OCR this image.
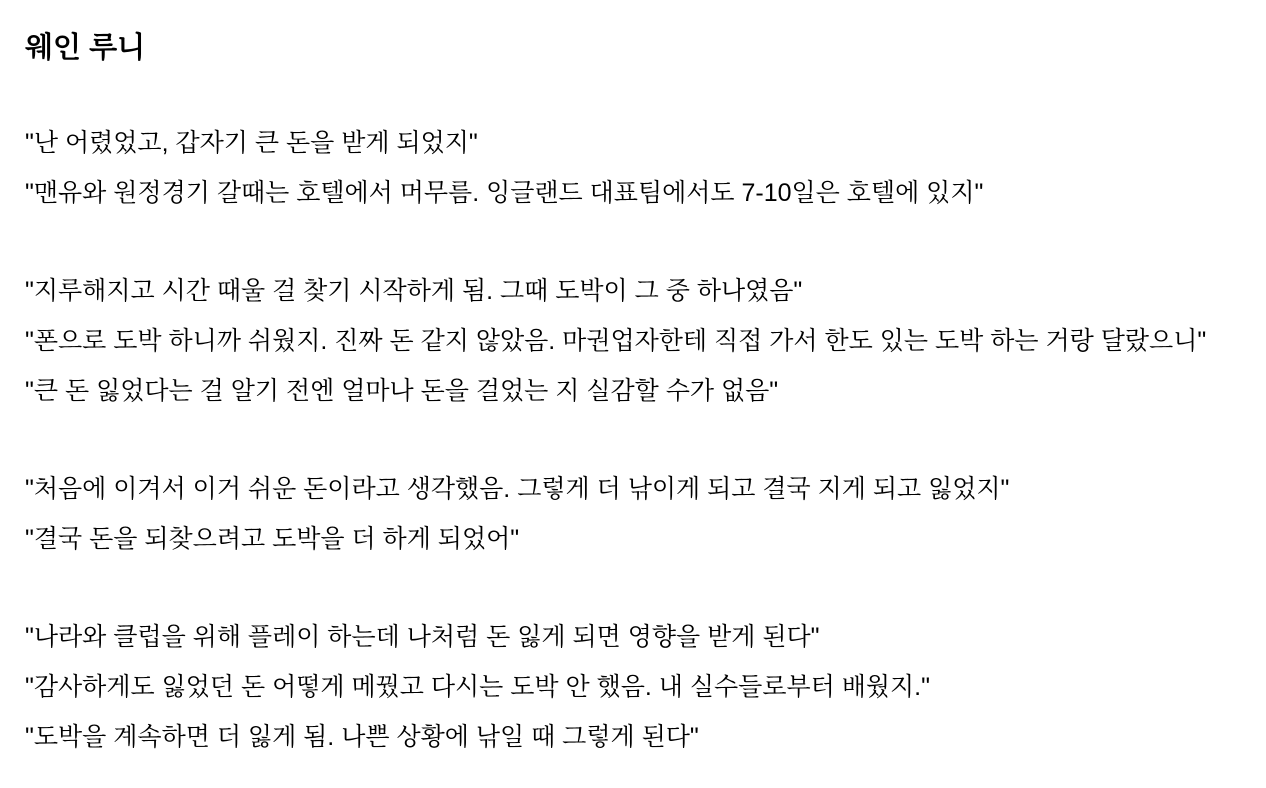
웨인 루니

"난 어렸었고, 갑자기 큰 돈을 받게 되었지"

"맨유와 원정경기 갈때는 호텔에서 머무름. 잉글랜드 대표팀에서도 7-10일은 호텔에 있지"

"지루해지고 시간 때울 걸 찾기 시작하게 됨. 그때 도박이 그 중 하나였음"

"폰으로 도박 하니까 쉬웠지. 진짜 돈 같지 않았음. 마권업자한테 직접 가서 한도 있는 도박 하는 거랑 달랐으니"

"큰 돈 잃었다는 걸 알기 전엔 얼마나 돈을 걸었는 지 실감할 수가 없음"

"처음에 이겨서 이거 쉬운 돈이라고 생각했음. 그렇게 더 낚이게 되고 결국 지게 되고 잃었지"

"결국 돈을 되찾으려고 도박을 더 하게 되었어"

"나라와 클럽을 위해 플레이 하는데 나처럼 돈 잃게 되면 영향을 받게 된다"

"감사하게도 잃었던 돈 어떻게 메꿨고 다시는 도박 안 했음. 내 실수들로부터 배웠지."

"도박을 계속하면 더 잃게 됨. 나쁜 상황에 낚일 때 그렇게 된다"
